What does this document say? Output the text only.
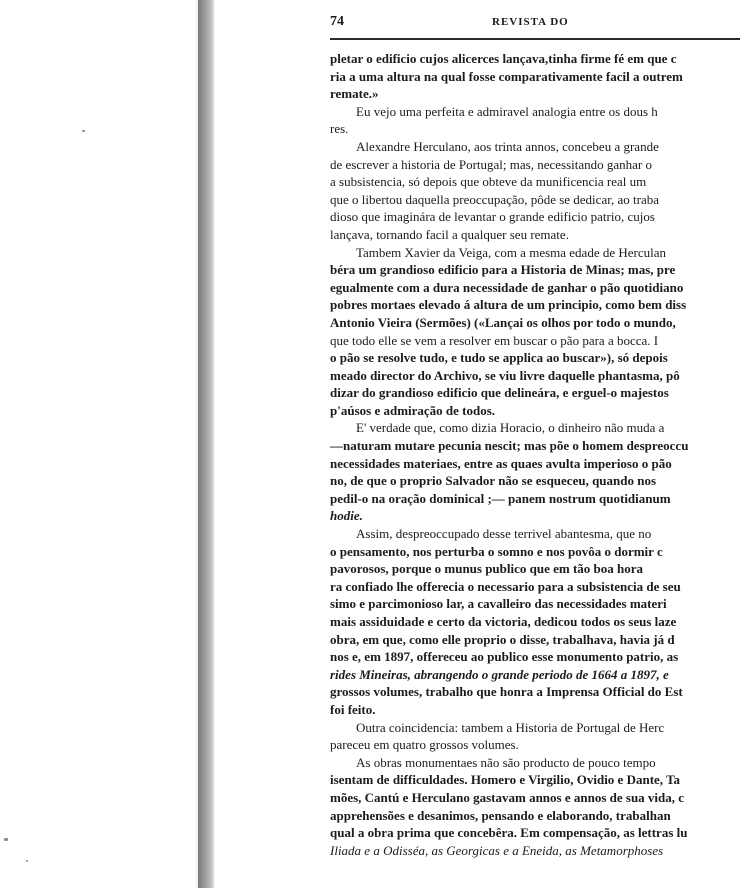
74	REVISTA DO
pletar o edificio cujos alicerces lançava,tinha firme fé em que c
ria a uma altura na qual fosse comparativamente facil a outrem
remate.»
Eu vejo uma perfeita e admiravel analogia entre os dous h
res.
Alexandre Herculano, aos trinta annos, concebeu a grande
de escrever a historia de Portugal; mas, necessitando ganhar o
a subsistencia, só depois que obteve da munificencia real um
que o libertou daquella preoccupação, pôde se dedicar, ao traba
dioso que imaginára de levantar o grande edificio patrio, cujos
lançava, tornando facil a qualquer seu remate.
Tambem Xavier da Veiga, com a mesma edade de Herculan
béra um grandioso edificio para a Historia de Minas; mas, pre
egualmente com a dura necessidade de ganhar o pão quotidiano
pobres mortaes elevado á altura de um principio, como bem diss
Antonio Vieira (Sermões) («Lançai os olhos por todo o mundo,
que todo elle se vem a resolver em buscar o pão para a bocca. I
o pão se resolve tudo, e tudo se applica ao buscar»), só depois
meado director do Archivo, se viu livre daquelle phantasma, pô
dizar do grandioso edificio que delineára, e erguel-o majestos
p'aúsos e admiração de todos.
E' verdade que, como dizia Horacio, o dinheiro não muda a
—naturam mutare pecunia nescit; mas põe o homem despreoccu
necessidades materiaes, entre as quaes avulta imperioso o pão
no, de que o proprio Salvador não se esqueceu, quando nos
pedil-o na oração dominical ;— panem nostrum quotidianum
hodie.
Assim, despreoccupado desse terrivel abantesma, que no
o pensamento, nos perturba o somno e nos povôa o dormir c
pavorosos, porque o munus publico que em tão boa hora
ra confiado lhe offerecia o necessario para a subsistencia de seu
simo e parcimonioso lar, a cavalleiro das necessidades materi
mais assiduidade e certo da victoria, dedicou todos os seus laze
obra, em que, como elle proprio o disse, trabalhava, havia já d
nos e, em 1897, offereceu ao publico esse monumento patrio, as
rides Mineiras, abrangendo o grande periodo de 1664 a 1897, e
grossos volumes, trabalho que honra a Imprensa Official do Est
foi feito.
Outra coincidencia: tambem a Historia de Portugal de Herc
pareceu em quatro grossos volumes.
As obras monumentaes não são producto de pouco tempo
isentam de difficuldades. Homero e Virgilio, Ovidio e Dante, Ta
mões, Cantú e Herculano gastavam annos e annos de sua vida, c
apprehensões e desanimos, pensando e elaborando, trabalhan
qual a obra prima que concebêra. Em compensação, as lettras lu
Iliada e a Odisséa, as Georgicas e a Eneida, as Metamorphoses
